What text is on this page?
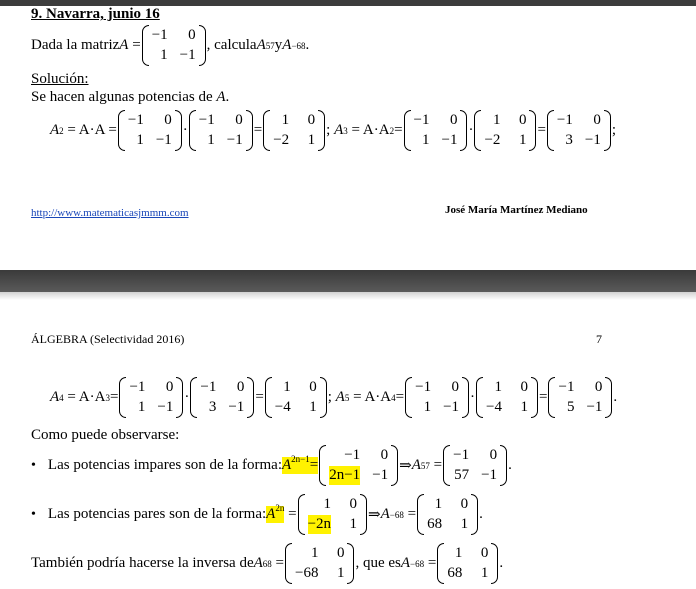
9. Navarra, junio 16
Dada la matriz A =
−1	0
1 −1
, calcula A 57 y A −68 .
Solución:
Se hacen algunas potencias de A.
A 2
= A·A =
−1	0
1 −1
·
−1	0
1 −1
=
1	0
−2	1
; A 3
= A·A 2 =
−1	0
1 −1
·
1	0
−2	1
=
−1	0
3 −1
;
http://www.matematicasjmmm.com	José María Martínez Mediano
ÁLGEBRA (Selectividad 2016)	7
A 4
= A·A 3 =
−1	0
1 −1
·
−1	0
3 −1
=
1	0
−4	1
; A 5
= A·A 4 =
−1	0
1 −1
·
1	0
−4	1
=
−1	0
5 −1
.
Como puede observarse:
• Las potencias impares son de la forma: $A^{2n-1}$ =
−1	0
2n−1 −1
⇒ A 57 =
−1	0
57 −1
.
• Las potencias pares son de la forma: $A^{2n}$ =
1	0
−2n	1
⇒ A −68 =
1	0
68	1
.
También podría hacerse la inversa de A 68 =
1	0
−68	1
, que es A −68 =
1	0
68	1
.
